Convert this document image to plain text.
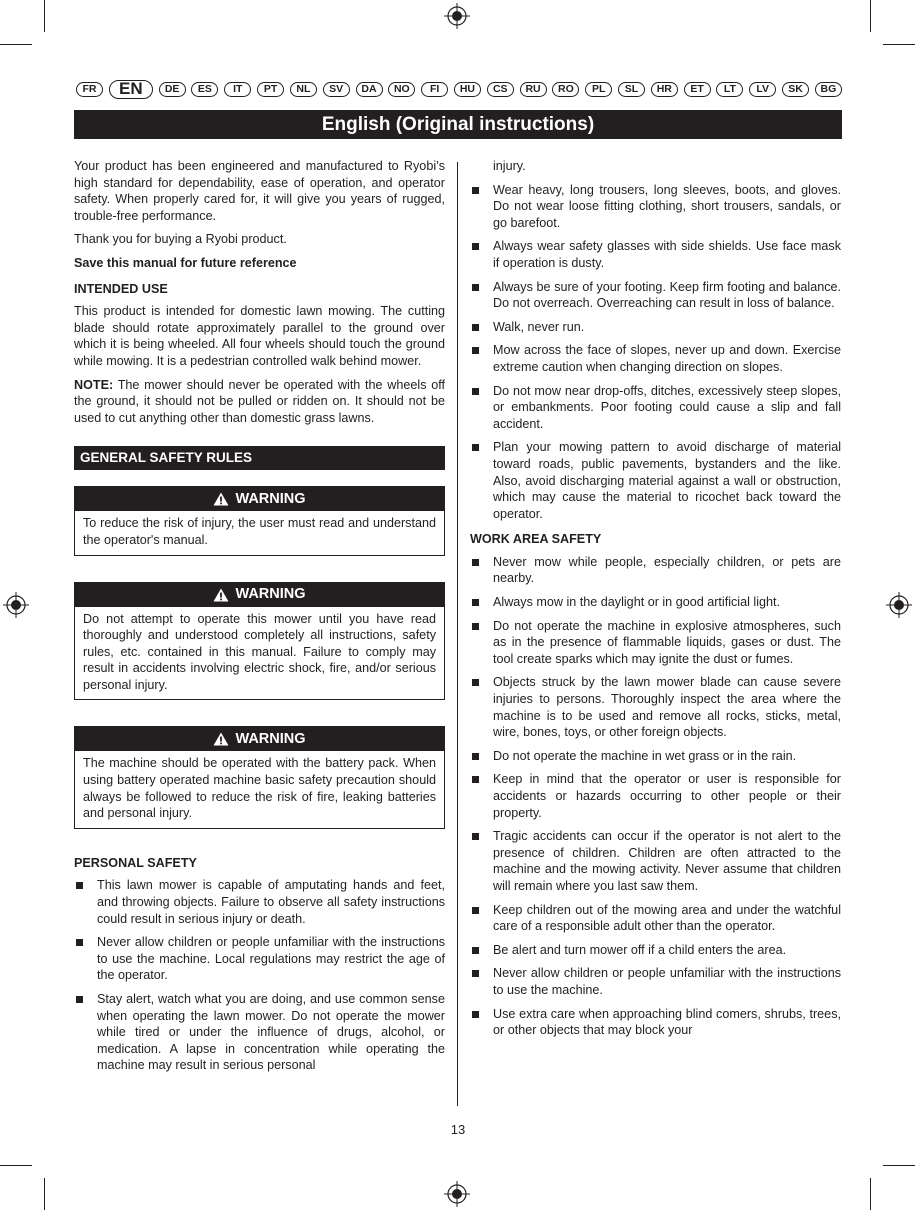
FR	EN	DE	ES	IT	PT	NL	SV	DA	NO	FI	HU	CS	RU	RO	PL	SL	HR	ET	LT	LV	SK	BG
English (Original instructions)

Your product has been engineered and manufactured to Ryobi’s high standard for dependability, ease of operation, and operator safety. When properly cared for, it will give you years of rugged, trouble-free performance.

Thank you for buying a Ryobi product.

Save this manual for future reference

INTENDED USE

This product is intended for domestic lawn mowing. The cutting blade should rotate approximately parallel to the ground over which it is being wheeled. All four wheels should touch the ground while mowing. It is a pedestrian controlled walk behind mower.

NOTE: The mower should never be operated with the wheels off the ground, it should not be pulled or ridden on. It should not be used to cut anything other than domestic grass lawns.

GENERAL SAFETY RULES
WARNING

To reduce the risk of injury, the user must read and understand the operator's manual.

WARNING

Do not attempt to operate this mower until you have read thoroughly and understood completely all instructions, safety rules, etc. contained in this manual. Failure to comply may result in accidents involving electric shock, fire, and/or serious personal injury.

WARNING

The machine should be operated with the battery pack. When using battery operated machine basic safety precaution should always be followed to reduce the risk of fire, leaking batteries and personal injury.

PERSONAL SAFETY
This lawn mower is capable of amputating hands and feet, and throwing objects. Failure to observe all safety instructions could result in serious injury or death.
Never allow children or people unfamiliar with the instructions to use the machine. Local regulations may restrict the age of the operator.
Stay alert, watch what you are doing, and use common sense when operating the lawn mower. Do not operate the mower while tired or under the influence of drugs, alcohol, or medication. A lapse in concentration while operating the machine may result in serious personal
injury.
Wear heavy, long trousers, long sleeves, boots, and gloves. Do not wear loose fitting clothing, short trousers, sandals, or go barefoot.
Always wear safety glasses with side shields. Use face mask if operation is dusty.
Always be sure of your footing. Keep firm footing and balance. Do not overreach. Overreaching can result in loss of balance.
Walk, never run.
Mow across the face of slopes, never up and down. Exercise extreme caution when changing direction on slopes.
Do not mow near drop-offs, ditches, excessively steep slopes, or embankments. Poor footing could cause a slip and fall accident.
Plan your mowing pattern to avoid discharge of material toward roads, public pavements, bystanders and the like. Also, avoid discharging material against a wall or obstruction, which may cause the material to ricochet back toward the operator.
WORK AREA SAFETY
Never mow while people, especially children, or pets are nearby.
Always mow in the daylight or in good artificial light.
Do not operate the machine in explosive atmospheres, such as in the presence of flammable liquids, gases or dust. The tool create sparks which may ignite the dust or fumes.
Objects struck by the lawn mower blade can cause severe injuries to persons. Thoroughly inspect the area where the machine is to be used and remove all rocks, sticks, metal, wire, bones, toys, or other foreign objects.
Do not operate the machine in wet grass or in the rain.
Keep in mind that the operator or user is responsible for accidents or hazards occurring to other people or their property.
Tragic accidents can occur if the operator is not alert to the presence of children. Children are often attracted to the machine and the mowing activity. Never assume that children will remain where you last saw them.
Keep children out of the mowing area and under the watchful care of a responsible adult other than the operator.
Be alert and turn mower off if a child enters the area.
Never allow children or people unfamiliar with the instructions to use the machine.
Use extra care when approaching blind comers, shrubs, trees, or other objects that may block your
13
